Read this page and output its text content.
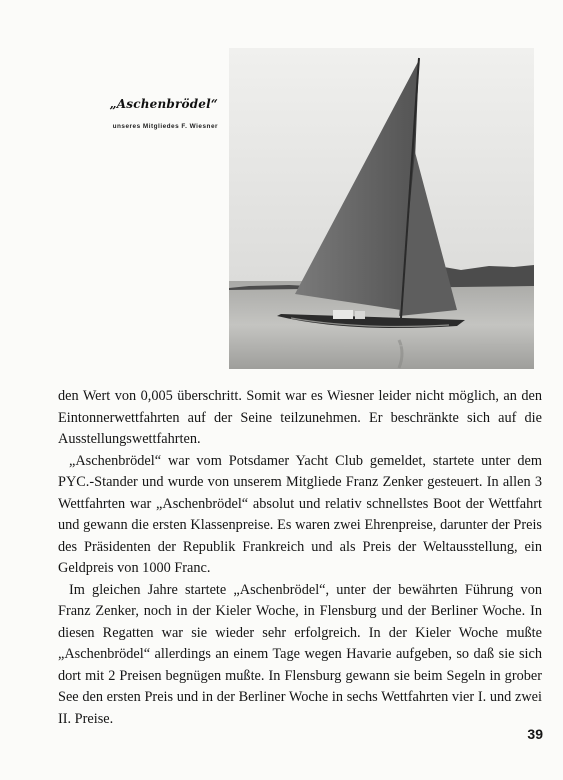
„Aschenbrödel“
unseres Mitgliedes F. Wiesner

den Wert von 0,005 überschritt. Somit war es Wiesner leider nicht möglich, an den Eintonnerwettfahrten auf der Seine teilzunehmen. Er beschränkte sich auf die Ausstellungswettfahrten.

„Aschenbrödel“ war vom Potsdamer Yacht Club gemeldet, startete unter dem PYC.-Stander und wurde von unserem Mitgliede Franz Zenker gesteuert. In allen 3 Wettfahrten war „Aschenbrödel“ absolut und relativ schnellstes Boot der Wettfahrt und gewann die ersten Klassenpreise. Es waren zwei Ehrenpreise, darunter der Preis des Präsidenten der Republik Frankreich und als Preis der Weltausstellung, ein Geldpreis von 1000 Franc.

Im gleichen Jahre startete „Aschenbrödel“, unter der bewährten Führung von Franz Zenker, noch in der Kieler Woche, in Flensburg und der Berliner Woche. In diesen Regatten war sie wieder sehr erfolgreich. In der Kieler Woche mußte „Aschenbrödel“ allerdings an einem Tage wegen Havarie aufgeben, so daß sie sich dort mit 2 Preisen begnügen mußte. In Flensburg gewann sie beim Segeln in grober See den ersten Preis und in der Berliner Woche in sechs Wettfahrten vier I. und zwei II. Preise.

39
